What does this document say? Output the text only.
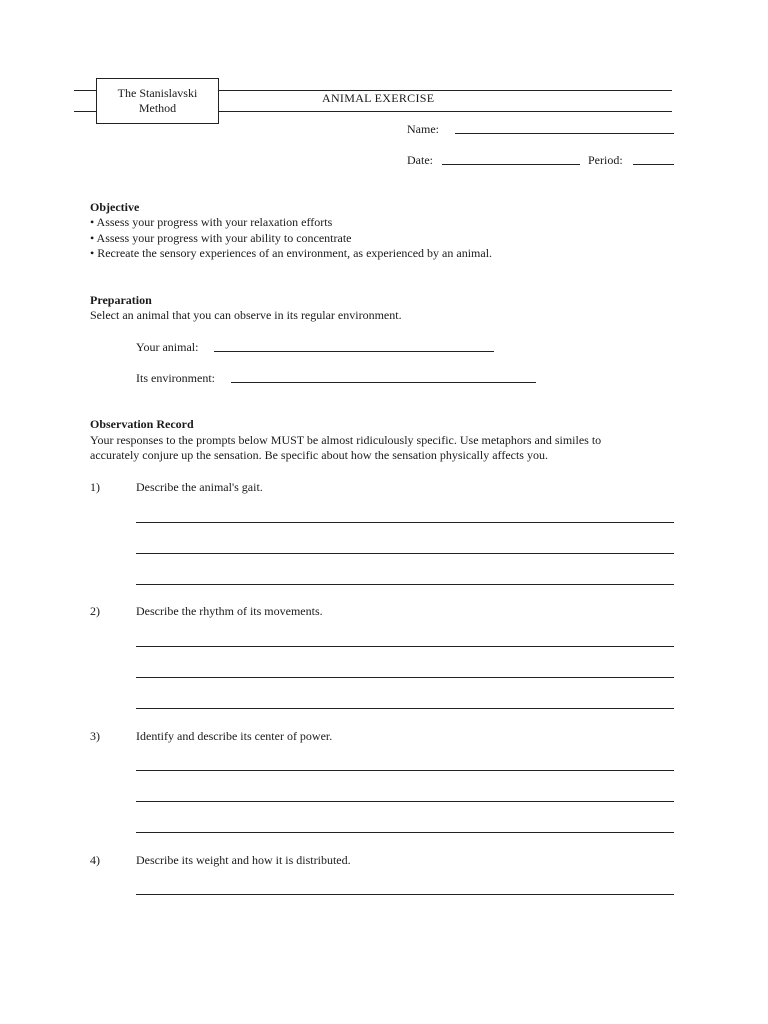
The Stanislavski
Method
ANIMAL EXERCISE
Name:
Date:	Period:
Objective
• Assess your progress with your relaxation efforts
• Assess your progress with your ability to concentrate
• Recreate the sensory experiences of an environment, as experienced by an animal.
Preparation
Select an animal that you can observe in its regular environment.
Your animal:
Its environment:
Observation Record
Your responses to the prompts below MUST be almost ridiculously specific. Use metaphors and similes to
accurately conjure up the sensation. Be specific about how the sensation physically affects you.
1)	Describe the animal's gait.
2)	Describe the rhythm of its movements.
3)	Identify and describe its center of power.
4)	Describe its weight and how it is distributed.
